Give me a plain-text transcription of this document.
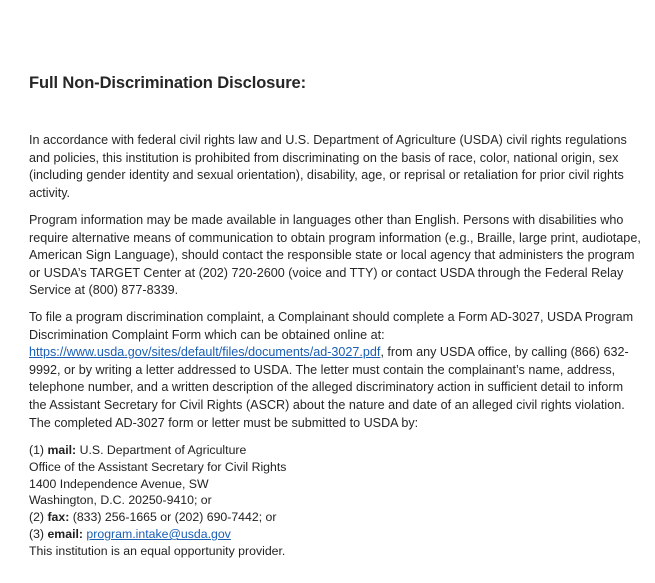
Full Non-Discrimination Disclosure:

In accordance with federal civil rights law and U.S. Department of Agriculture (USDA) civil rights regulations and policies, this institution is prohibited from discriminating on the basis of race, color, national origin, sex (including gender identity and sexual orientation), disability, age, or reprisal or retaliation for prior civil rights activity.

Program information may be made available in languages other than English. Persons with disabilities who require alternative means of communication to obtain program information (e.g., Braille, large print, audiotape, American Sign Language), should contact the responsible state or local agency that administers the program or USDA’s TARGET Center at (202) 720-2600 (voice and TTY) or contact USDA through the Federal Relay Service at (800) 877-8339.

To file a program discrimination complaint, a Complainant should complete a Form AD-3027, USDA Program Discrimination Complaint Form which can be obtained online at: https://www.usda.gov/sites/default/files/documents/ad-3027.pdf, from any USDA office, by calling (866) 632-9992, or by writing a letter addressed to USDA. The letter must contain the complainant’s name, address, telephone number, and a written description of the alleged discriminatory action in sufficient detail to inform the Assistant Secretary for Civil Rights (ASCR) about the nature and date of an alleged civil rights violation. The completed AD-3027 form or letter must be submitted to USDA by:

(1) mail: U.S. Department of Agriculture
Office of the Assistant Secretary for Civil Rights
1400 Independence Avenue, SW
Washington, D.C. 20250-9410; or
(2) fax: (833) 256-1665 or (202) 690-7442; or
(3) email: program.intake@usda.gov
This institution is an equal opportunity provider.
